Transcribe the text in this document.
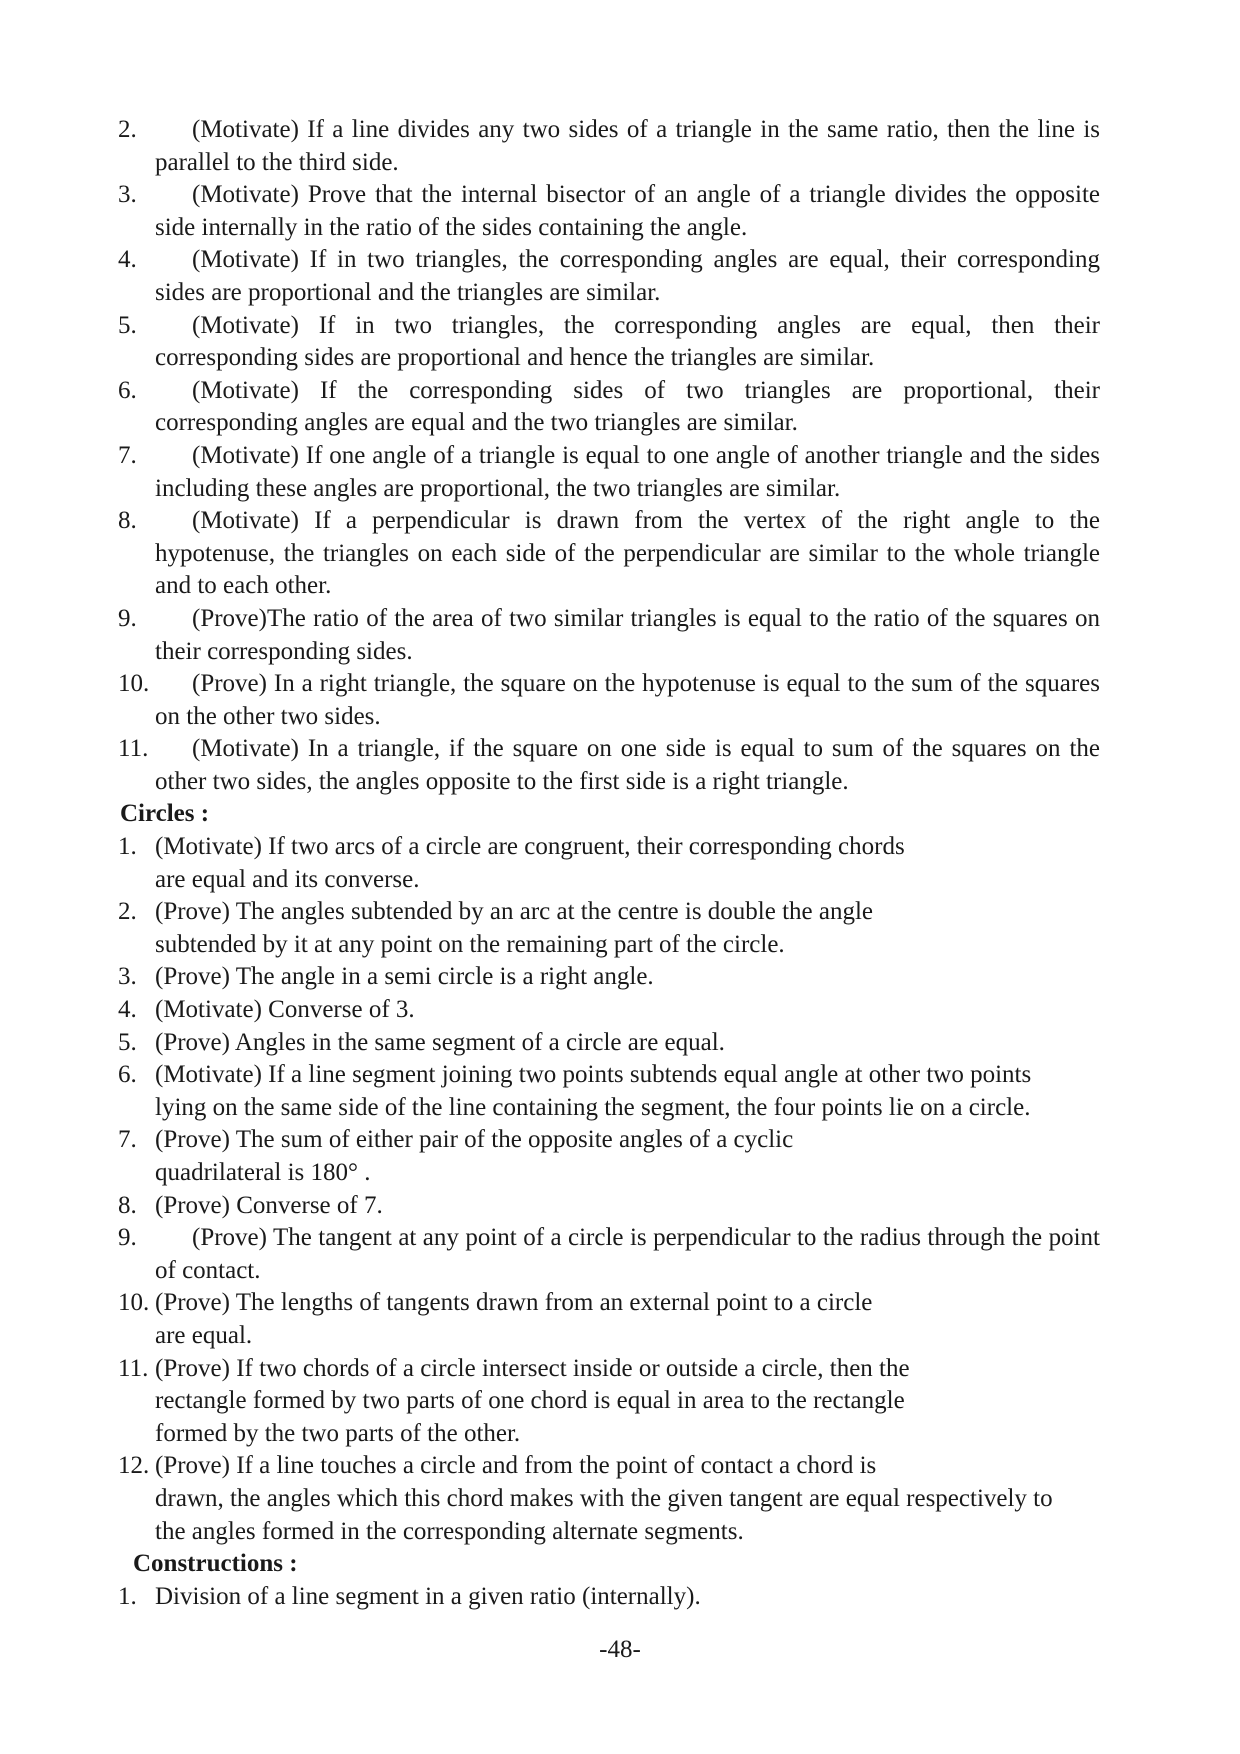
2. (Motivate) If a line divides any two sides of a triangle in the same ratio, then the line is parallel to the third side.
3. (Motivate) Prove that the internal bisector of an angle of a triangle divides the opposite side internally in the ratio of the sides containing the angle.
4. (Motivate) If in two triangles, the corresponding angles are equal, their corresponding sides are proportional and the triangles are similar.
5. (Motivate) If in two triangles, the corresponding angles are equal, then their corresponding sides are proportional and hence the triangles are similar.
6. (Motivate) If the corresponding sides of two triangles are proportional, their corresponding angles are equal and the two triangles are similar.
7. (Motivate) If one angle of a triangle is equal to one angle of another triangle and the sides including these angles are proportional, the two triangles are similar.
8. (Motivate) If a perpendicular is drawn from the vertex of the right angle to the hypotenuse, the triangles on each side of the perpendicular are similar to the whole triangle and to each other.
9. (Prove)The ratio of the area of two similar triangles is equal to the ratio of the squares on their corresponding sides.
10. (Prove) In a right triangle, the square on the hypotenuse is equal to the sum of the squares on the other two sides.
11. (Motivate) In a triangle, if the square on one side is equal to sum of the squares on the other two sides, the angles opposite to the first side is a right triangle.
Circles :
1. (Motivate) If two arcs of a circle are congruent, their corresponding chords
are equal and its converse.
2. (Prove) The angles subtended by an arc at the centre is double the angle
subtended by it at any point on the remaining part of the circle.
3. (Prove) The angle in a semi circle is a right angle.
4. (Motivate) Converse of 3.
5. (Prove) Angles in the same segment of a circle are equal.
6. (Motivate) If a line segment joining two points subtends equal angle at other two points
lying on the same side of the line containing the segment, the four points lie on a circle.
7. (Prove) The sum of either pair of the opposite angles of a cyclic
quadrilateral is 180° .
8. (Prove) Converse of 7.
9. (Prove) The tangent at any point of a circle is perpendicular to the radius through the point of contact.
10. (Prove) The lengths of tangents drawn from an external point to a circle
are equal.
11. (Prove) If two chords of a circle intersect inside or outside a circle, then the
rectangle formed by two parts of one chord is equal in area to the rectangle
formed by the two parts of the other.
12. (Prove) If a line touches a circle and from the point of contact a chord is
drawn, the angles which this chord makes with the given tangent are equal respectively to
the angles formed in the corresponding alternate segments.
Constructions :
1. Division of a line segment in a given ratio (internally).
-48-
